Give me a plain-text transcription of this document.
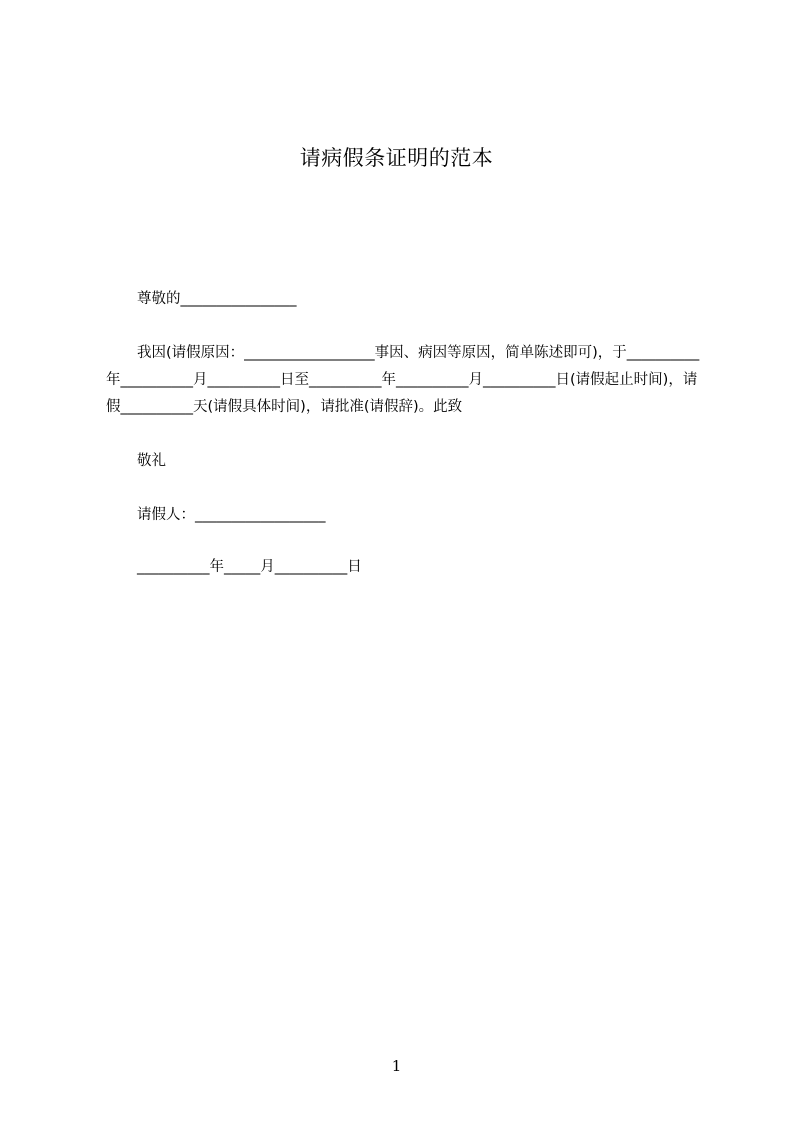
请病假条证明的范本
尊敬的________________
我因(请假原因：__________________事因、病因等原因，简单陈述即可)，于__________年__________月__________日至__________年__________月__________日(请假起止时间)，请假__________天(请假具体时间)，请批准(请假辞)。此致
敬礼
请假人：__________________
__________年_____月__________日
1
